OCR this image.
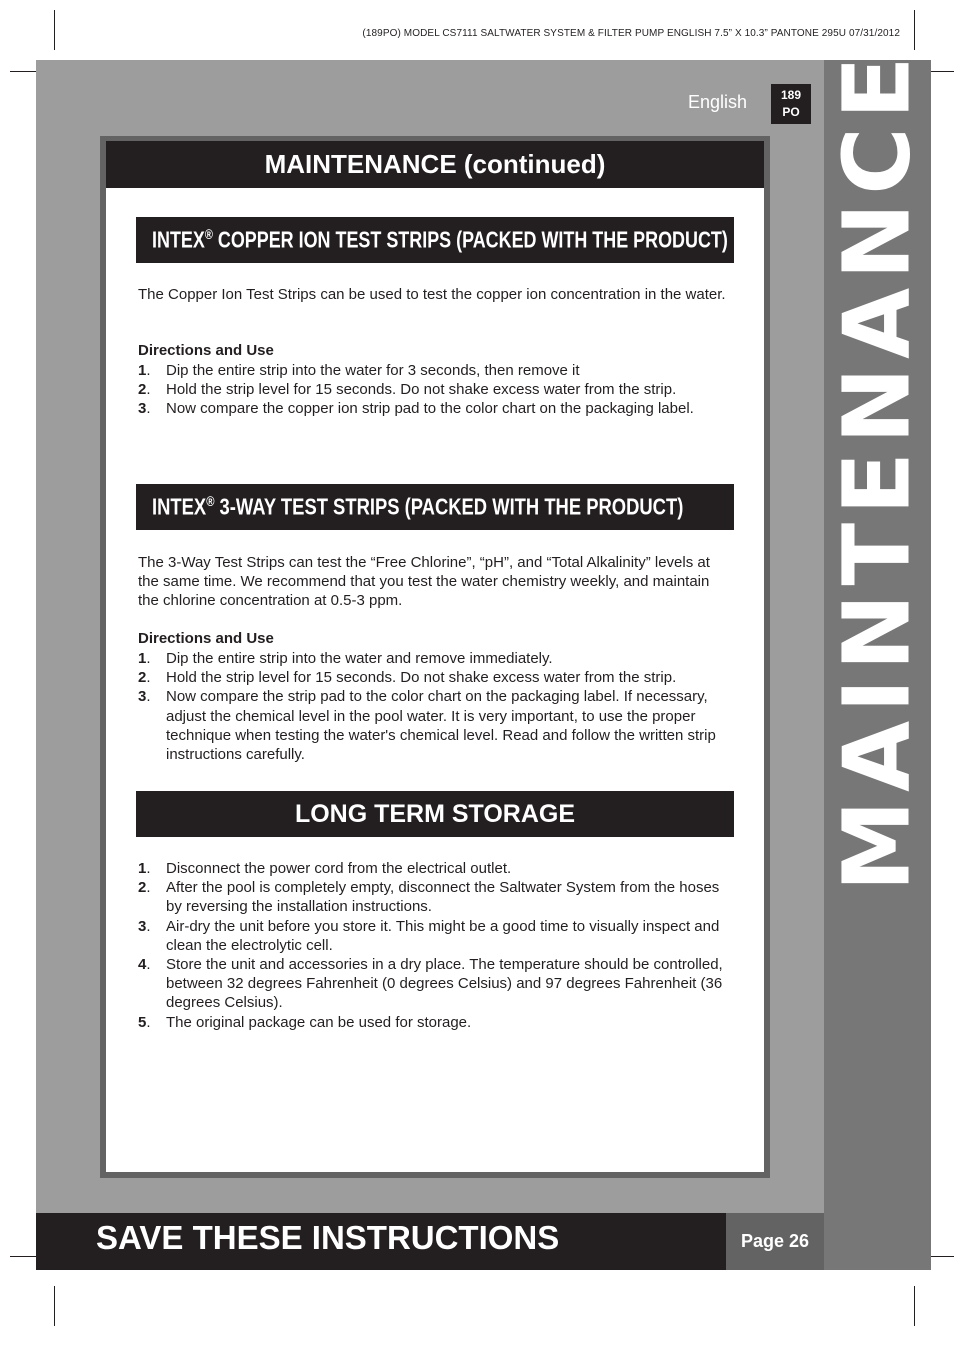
(189PO) MODEL CS7111 SALTWATER SYSTEM & FILTER PUMP ENGLISH 7.5” X 10.3” PANTONE 295U 07/31/2012
MAINTENANCE
English	189
PO
MAINTENANCE (continued)
INTEX® COPPER ION TEST STRIPS (PACKED WITH THE PRODUCT)
The Copper Ion Test Strips can be used to test the copper ion concentration in the water.
Directions and Use
1.	Dip the entire strip into the water for 3 seconds, then remove it
2.	Hold the strip level for 15 seconds. Do not shake excess water from the strip.
3.	Now compare the copper ion strip pad to the color chart on the packaging label.
INTEX® 3-WAY TEST STRIPS (PACKED WITH THE PRODUCT)
The 3-Way Test Strips can test the “Free Chlorine”, “pH”, and “Total Alkalinity” levels at the same time. We recommend that you test the water chemistry weekly, and maintain the chlorine concentration at 0.5-3 ppm.
Directions and Use
1.	Dip the entire strip into the water and remove immediately.
2.	Hold the strip level for 15 seconds. Do not shake excess water from the strip.
3.	Now compare the strip pad to the color chart on the packaging label. If necessary, adjust the chemical level in the pool water. It is very important, to use the proper technique when testing the water's chemical level. Read and follow the written strip instructions carefully.
LONG TERM STORAGE
1.	Disconnect the power cord from the electrical outlet.
2.	After the pool is completely empty, disconnect the Saltwater System from the hoses by reversing the installation instructions.
3.	Air-dry the unit before you store it. This might be a good time to visually inspect and clean the electrolytic cell.
4.	Store the unit and accessories in a dry place. The temperature should be controlled, between 32 degrees Fahrenheit (0 degrees Celsius) and 97 degrees Fahrenheit (36 degrees Celsius).
5.	The original package can be used for storage.
SAVE THESE INSTRUCTIONS	Page 26
